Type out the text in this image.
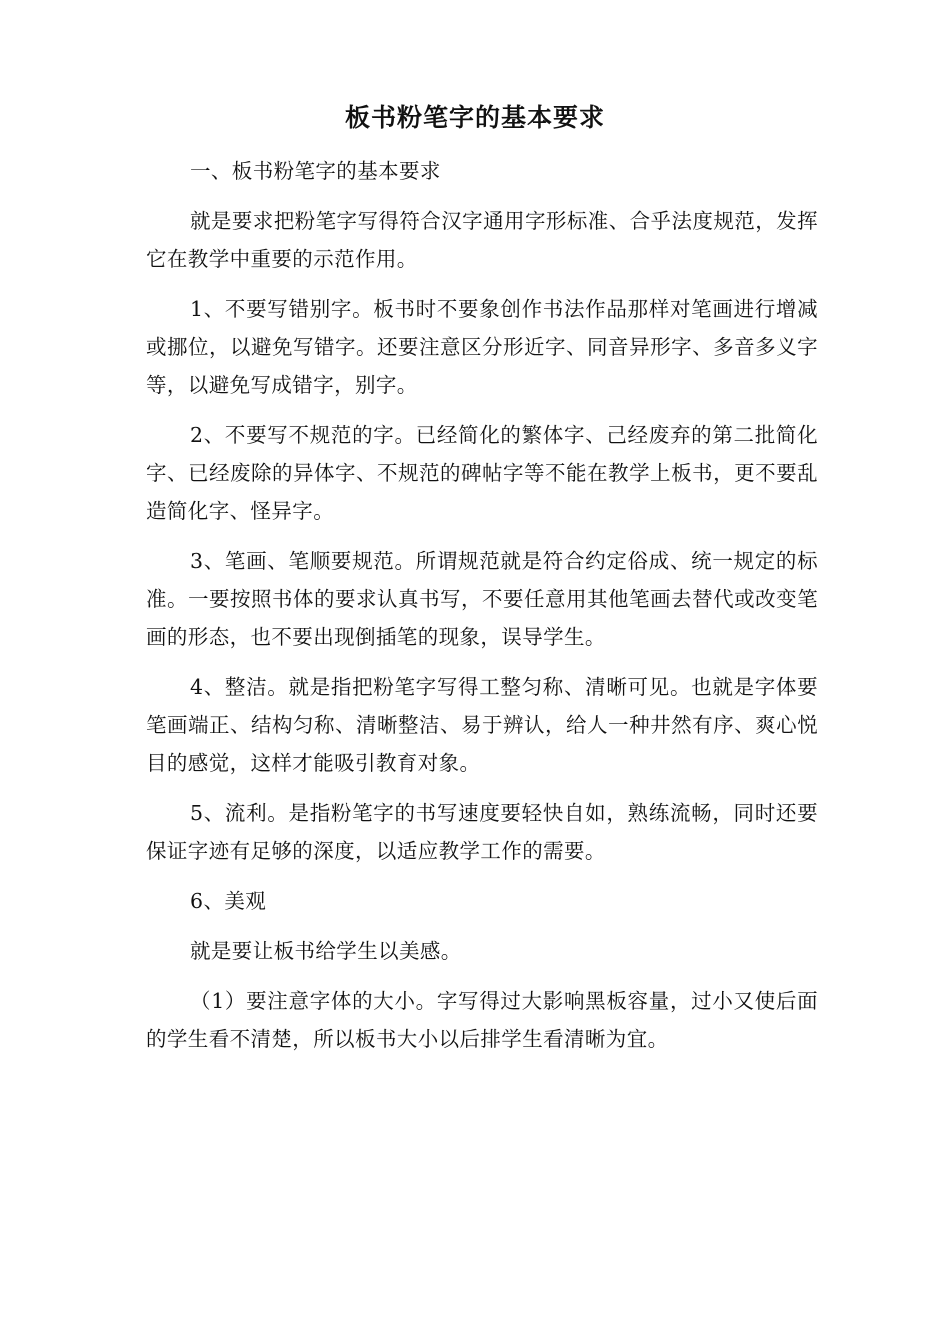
板书粉笔字的基本要求

一、板书粉笔字的基本要求

就是要求把粉笔字写得符合汉字通用字形标准、合乎法度规范，发挥它在教学中重要的示范作用。

1、不要写错别字。板书时不要象创作书法作品那样对笔画进行增减或挪位，以避免写错字。还要注意区分形近字、同音异形字、多音多义字等，以避免写成错字，别字。

2、不要写不规范的字。已经简化的繁体字、己经废弃的第二批简化字、已经废除的异体字、不规范的碑帖字等不能在教学上板书，更不要乱造简化字、怪异字。

3、笔画、笔顺要规范。所谓规范就是符合约定俗成、统一规定的标准。一要按照书体的要求认真书写，不要任意用其他笔画去替代或改变笔画的形态，也不要出现倒插笔的现象，误导学生。

4、整洁。就是指把粉笔字写得工整匀称、清晰可见。也就是字体要笔画端正、结构匀称、清晰整洁、易于辨认，给人一种井然有序、爽心悦目的感觉，这样才能吸引教育对象。

5、流利。是指粉笔字的书写速度要轻快自如，熟练流畅，同时还要保证字迹有足够的深度，以适应教学工作的需要。

6、美观

就是要让板书给学生以美感。

（1）要注意字体的大小。字写得过大影响黑板容量，过小又使后面的学生看不清楚，所以板书大小以后排学生看清晰为宜。
